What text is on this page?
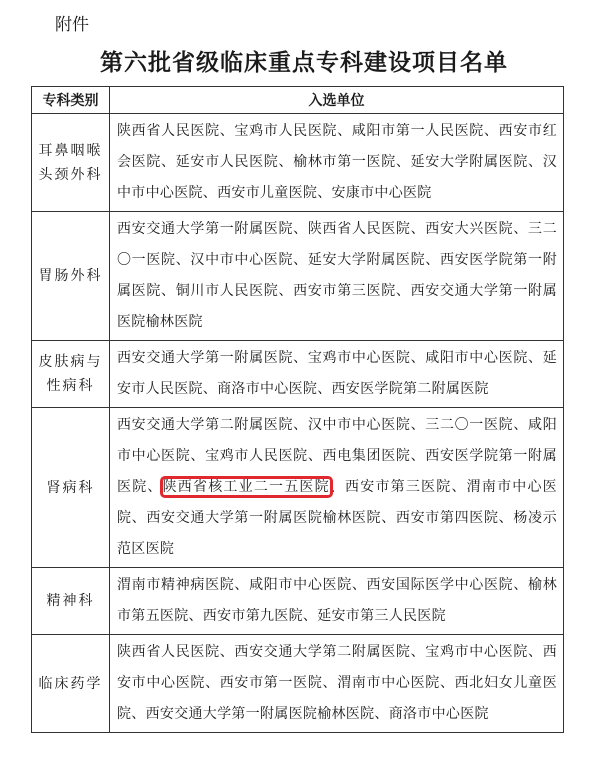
附件
第六批省级临床重点专科建设项目名单
专科类别	入选单位
耳鼻咽喉头颈外科	陕西省人民医院、宝鸡市人民医院、咸阳市第一人民医院、西安市红会医院、延安市人民医院、榆林市第一医院、延安大学附属医院、汉中市中心医院、西安市儿童医院、安康市中心医院
胃肠外科	西安交通大学第一附属医院、陕西省人民医院、西安大兴医院、三二〇一医院、汉中市中心医院、延安大学附属医院、西安医学院第一附属医院、铜川市人民医院、西安市第三医院、西安交通大学第一附属医院榆林医院
皮肤病与性病科	西安交通大学第一附属医院、宝鸡市中心医院、咸阳市中心医院、延安市人民医院、商洛市中心医院、西安医学院第二附属医院
肾病科	西安交通大学第二附属医院、汉中市中心医院、三二〇一医院、咸阳市中心医院、宝鸡市人民医院、西电集团医院、西安医学院第一附属医院、陕西省核工业二一五医院、西安市第三医院、渭南市中心医院、西安交通大学第一附属医院榆林医院、西安市第四医院、杨凌示范区医院
精神科	渭南市精神病医院、咸阳市中心医院、西安国际医学中心医院、榆林市第五医院、西安市第九医院、延安市第三人民医院
临床药学	陕西省人民医院、西安交通大学第二附属医院、宝鸡市中心医院、西安市中心医院、西安市第一医院、渭南市中心医院、西北妇女儿童医院、西安交通大学第一附属医院榆林医院、商洛市中心医院
